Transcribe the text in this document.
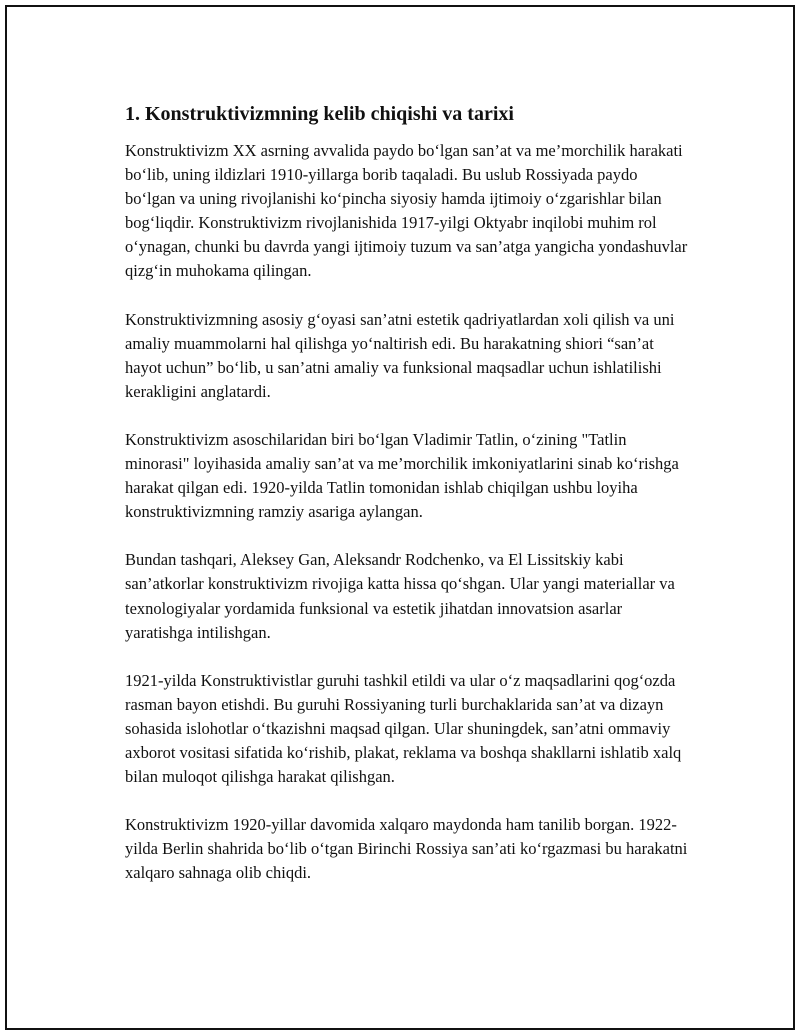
1. Konstruktivizmning kelib chiqishi va tarixi

Konstruktivizm XX asrning avvalida paydo bo‘lgan san’at va me’morchilik harakati bo‘lib, uning ildizlari 1910-yillarga borib taqaladi. Bu uslub Rossiyada paydo bo‘lgan va uning rivojlanishi ko‘pincha siyosiy hamda ijtimoiy o‘zgarishlar bilan bog‘liqdir. Konstruktivizm rivojlanishida 1917-yilgi Oktyabr inqilobi muhim rol o‘ynagan, chunki bu davrda yangi ijtimoiy tuzum va san’atga yangicha yondashuvlar qizg‘in muhokama qilingan.

Konstruktivizmning asosiy g‘oyasi san’atni estetik qadriyatlardan xoli qilish va uni amaliy muammolarni hal qilishga yo‘naltirish edi. Bu harakatning shiori “san’at hayot uchun” bo‘lib, u san’atni amaliy va funksional maqsadlar uchun ishlatilishi kerakligini anglatardi.

Konstruktivizm asoschilaridan biri bo‘lgan Vladimir Tatlin, o‘zining "Tatlin minorasi" loyihasida amaliy san’at va me’morchilik imkoniyatlarini sinab ko‘rishga harakat qilgan edi. 1920-yilda Tatlin tomonidan ishlab chiqilgan ushbu loyiha konstruktivizmning ramziy asariga aylangan.

Bundan tashqari, Aleksey Gan, Aleksandr Rodchenko, va El Lissitskiy kabi san’atkorlar konstruktivizm rivojiga katta hissa qo‘shgan. Ular yangi materiallar va texnologiyalar yordamida funksional va estetik jihatdan innovatsion asarlar yaratishga intilishgan.

1921-yilda Konstruktivistlar guruhi tashkil etildi va ular o‘z maqsadlarini qog‘ozda rasman bayon etishdi. Bu guruhi Rossiyaning turli burchaklarida san’at va dizayn sohasida islohotlar o‘tkazishni maqsad qilgan. Ular shuningdek, san’atni ommaviy axborot vositasi sifatida ko‘rishib, plakat, reklama va boshqa shakllarni ishlatib xalq bilan muloqot qilishga harakat qilishgan.

Konstruktivizm 1920-yillar davomida xalqaro maydonda ham tanilib borgan. 1922-yilda Berlin shahrida bo‘lib o‘tgan Birinchi Rossiya san’ati ko‘rgazmasi bu harakatni xalqaro sahnaga olib chiqdi.
